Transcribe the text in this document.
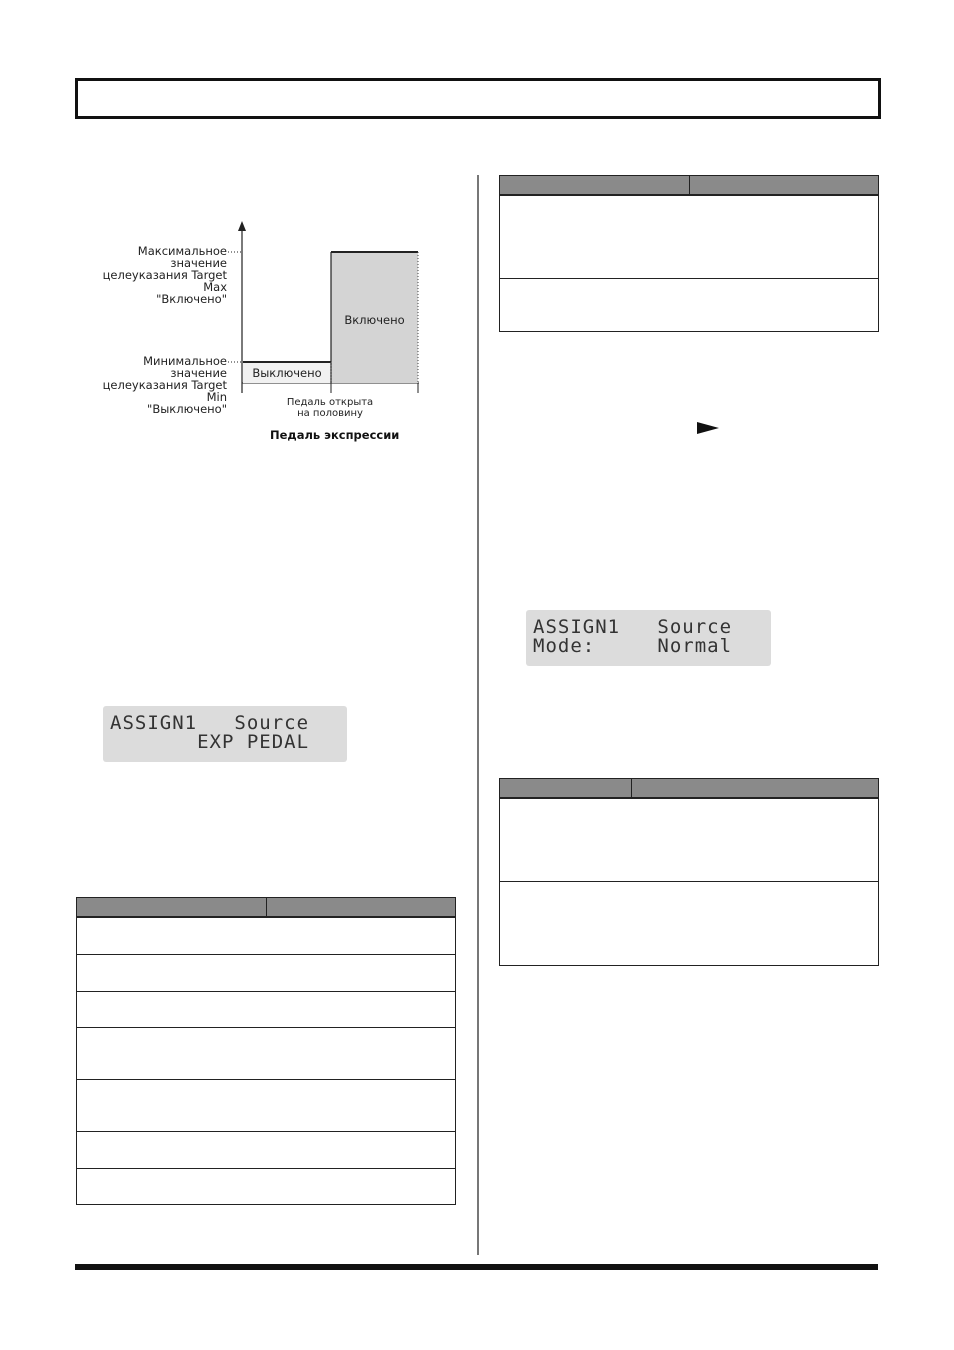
Максимальное значение
целеуказания Target Max
"Включено"
Минимальное значение
целеуказания Target Min
"Выключено"
Выключено
Включено
Педаль открыта
на половину
Педаль экспрессии
ASSIGN1   Source
Mode:     Normal
ASSIGN1   Source
EXP PEDAL
